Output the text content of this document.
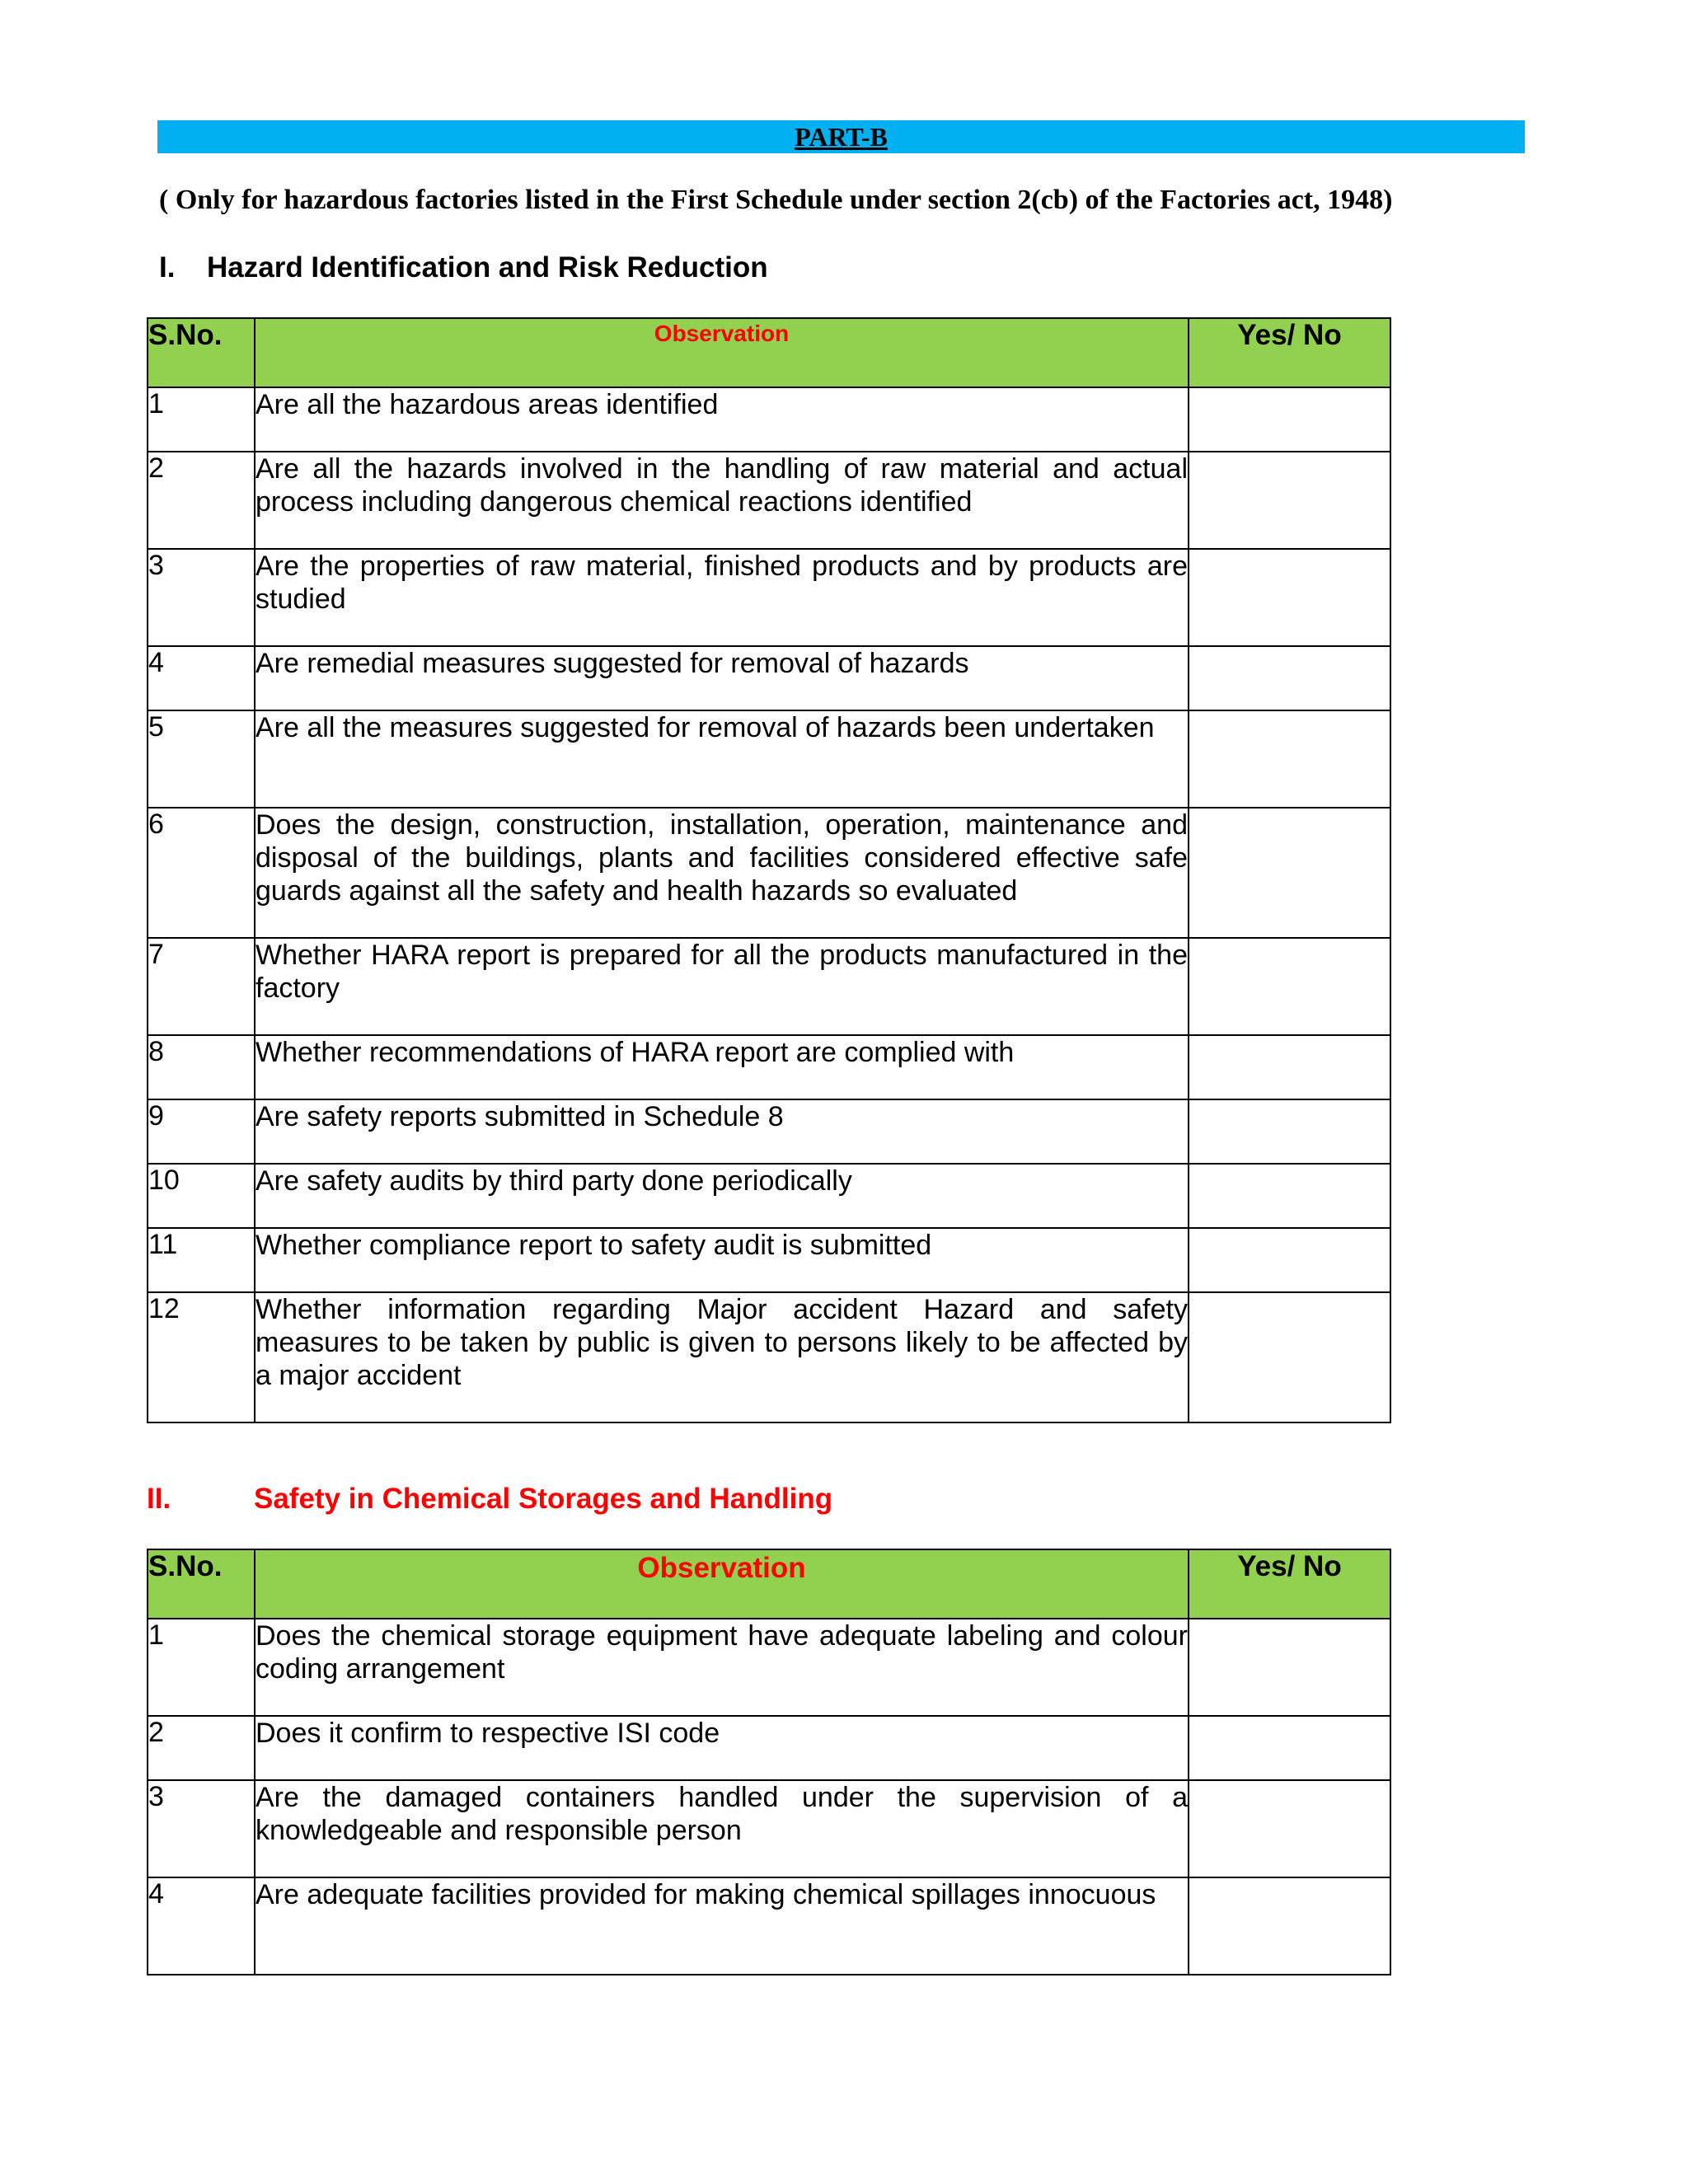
PART-B
( Only for hazardous factories listed in the First Schedule under section 2(cb) of the Factories act, 1948)
I. Hazard Identification and Risk Reduction
S.No.	Observation	Yes/ No
1	Are all the hazardous areas identified	
2	Are all the hazards involved in the handling of raw material and actual process including dangerous chemical reactions identified	
3	Are the properties of raw material, finished products and by products are studied	
4	Are remedial measures suggested for removal of hazards	
5	Are all the measures suggested for removal of hazards been undertaken	
6	Does the design, construction, installation, operation, maintenance and disposal of the buildings, plants and facilities considered effective safe guards against all the safety and health hazards so evaluated	
7	Whether HARA report is prepared for all the products manufactured in the factory	
8	Whether recommendations of HARA report are complied with	
9	Are safety reports submitted in Schedule 8	
10	Are safety audits by third party done periodically	
11	Whether compliance report to safety audit is submitted	
12	Whether information regarding Major accident Hazard and safety measures to be taken by public is given to persons likely to be affected by a major accident	
II.	Safety in Chemical Storages and Handling
S.No.	Observation	Yes/ No
1	Does the chemical storage equipment have adequate labeling and colour coding arrangement	
2	Does it confirm to respective ISI code	
3	Are the damaged containers handled under the supervision of a knowledgeable and responsible person	
4	Are adequate facilities provided for making chemical spillages innocuous	
